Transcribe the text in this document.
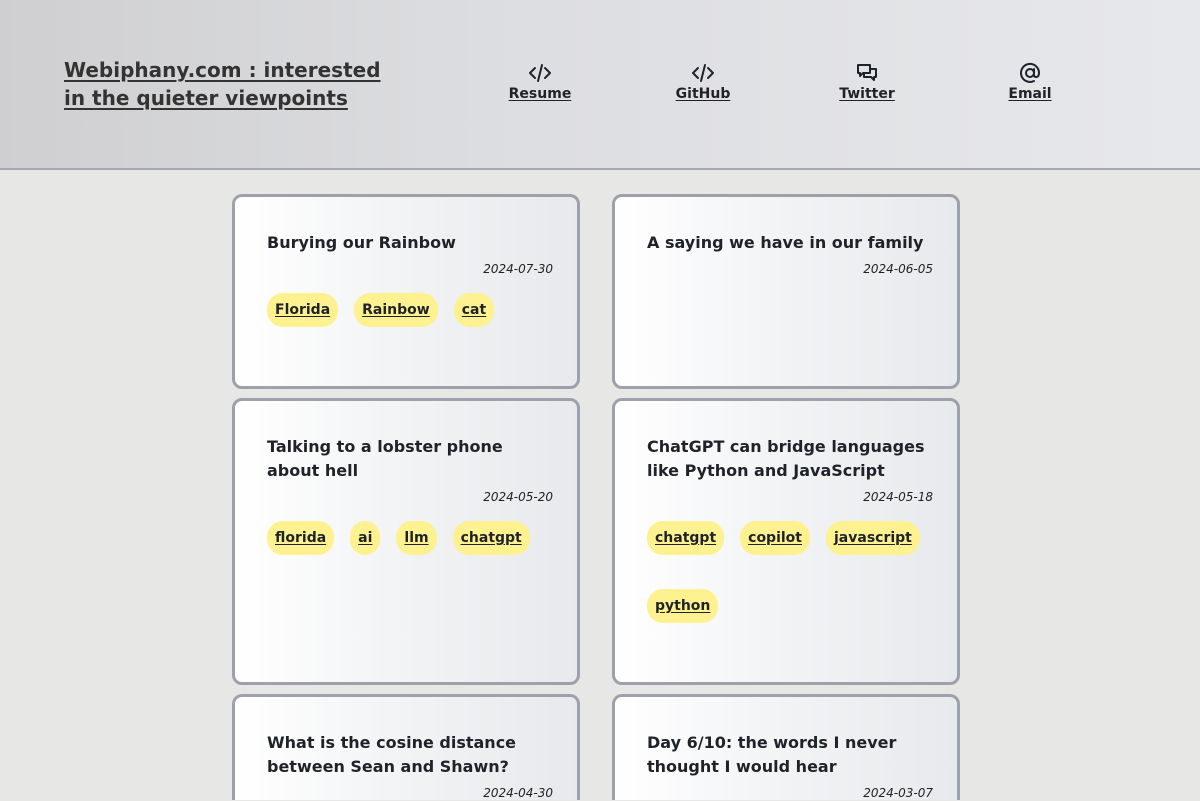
Webiphany.com : interested in the quieter viewpoints	Resume	GitHub	Twitter	Email
Burying our Rainbow
2024-07-30
Florida	Rainbow	cat
A saying we have in our family
2024-06-05
Talking to a lobster phone about hell
2024-05-20
florida	ai	llm	chatgpt
ChatGPT can bridge languages like Python and JavaScript
2024-05-18
chatgpt	copilot	javascript
python
What is the cosine distance between Sean and Shawn?
2024-04-30
Day 6/10: the words I never thought I would hear
2024-03-07
